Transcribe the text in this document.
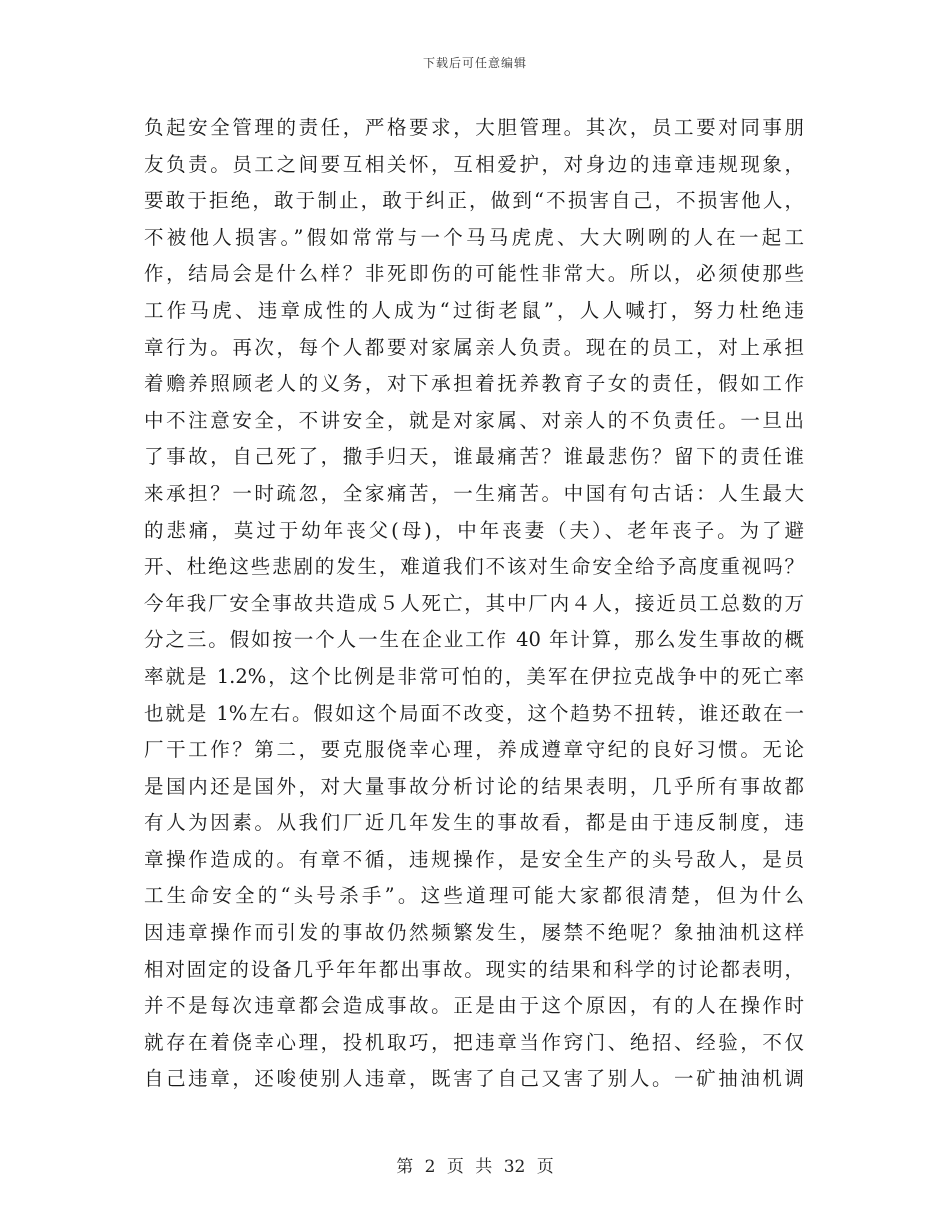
下载后可任意编辑
负起安全管理的责任，严格要求，大胆管理。其次，员工要对同事朋
友负责。员工之间要互相关怀，互相爱护，对身边的违章违规现象，
要敢于拒绝，敢于制止，敢于纠正，做到“不损害自己，不损害他人，
不被他人损害。”假如常常与一个马马虎虎、大大咧咧的人在一起工
作，结局会是什么样？非死即伤的可能性非常大。所以，必须使那些
工作马虎、违章成性的人成为“过街老鼠”，人人喊打，努力杜绝违
章行为。再次，每个人都要对家属亲人负责。现在的员工，对上承担
着赡养照顾老人的义务，对下承担着抚养教育子女的责任，假如工作
中不注意安全，不讲安全，就是对家属、对亲人的不负责任。一旦出
了事故，自己死了，撒手归天，谁最痛苦？谁最悲伤？留下的责任谁
来承担？一时疏忽，全家痛苦，一生痛苦。中国有句古话：人生最大
的悲痛，莫过于幼年丧父(母)，中年丧妻（夫）、老年丧子。为了避
开、杜绝这些悲剧的发生，难道我们不该对生命安全给予高度重视吗？
今年我厂安全事故共造成５人死亡，其中厂内４人，接近员工总数的万
分之三。假如按一个人一生在企业工作 40 年计算，那么发生事故的概
率就是 1.2%，这个比例是非常可怕的，美军在伊拉克战争中的死亡率
也就是 1%左右。假如这个局面不改变，这个趋势不扭转，谁还敢在一
厂干工作？第二，要克服侥幸心理，养成遵章守纪的良好习惯。无论
是国内还是国外，对大量事故分析讨论的结果表明，几乎所有事故都
有人为因素。从我们厂近几年发生的事故看，都是由于违反制度，违
章操作造成的。有章不循，违规操作，是安全生产的头号敌人，是员
工生命安全的“头号杀手”。这些道理可能大家都很清楚，但为什么
因违章操作而引发的事故仍然频繁发生，屡禁不绝呢？象抽油机这样
相对固定的设备几乎年年都出事故。现实的结果和科学的讨论都表明，
并不是每次违章都会造成事故。正是由于这个原因，有的人在操作时
就存在着侥幸心理，投机取巧，把违章当作窍门、绝招、经验，不仅
自己违章，还唆使别人违章，既害了自己又害了别人。一矿抽油机调
第 2 页 共 32 页
